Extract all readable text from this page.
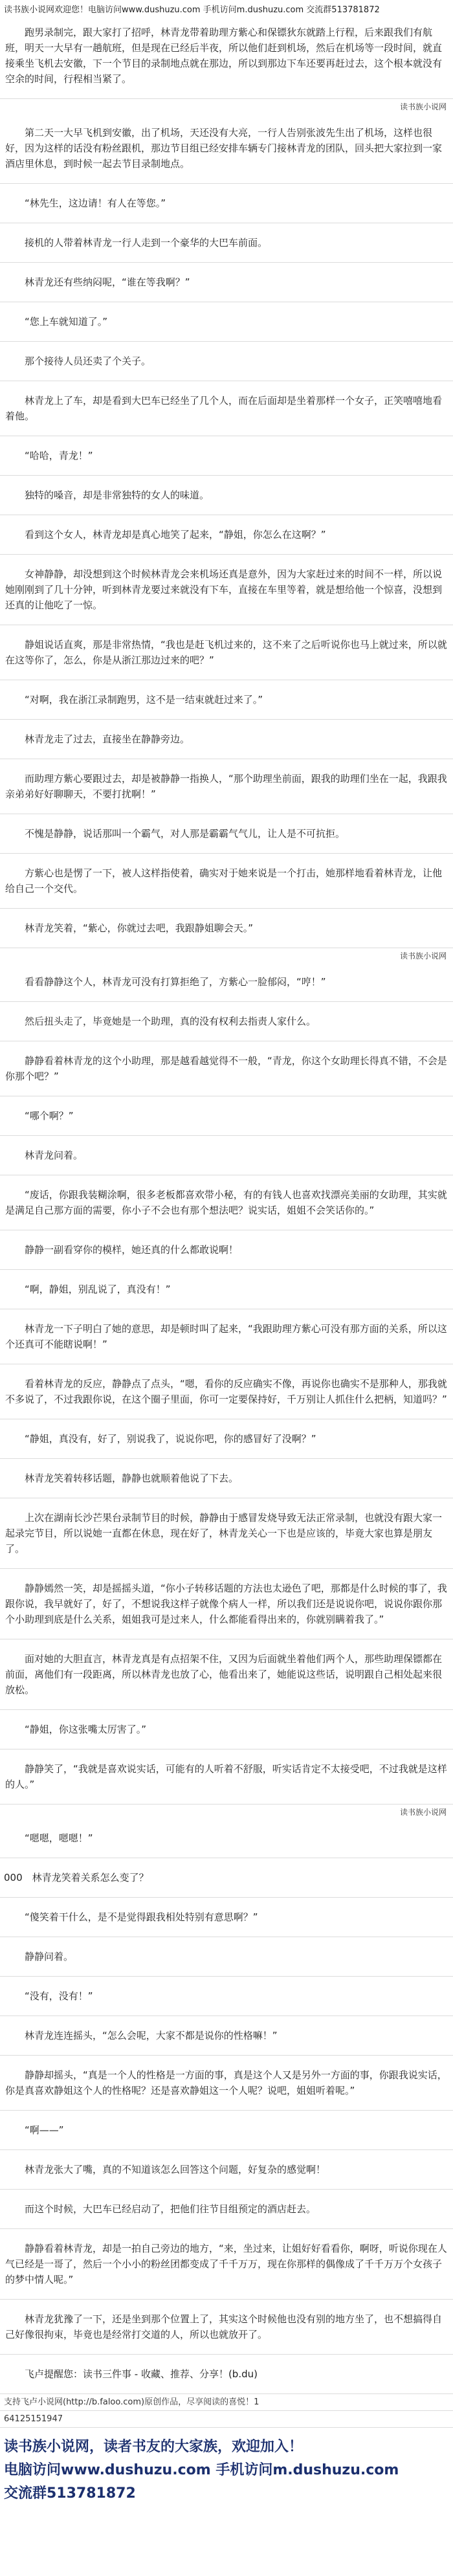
读书族小说网欢迎您！电脑访问www.dushuzu.com 手机访问m.dushuzu.com 交流群513781872

跑男录制完，跟大家打了招呼，林青龙带着助理方紫心和保镖狄东就踏上行程，后来跟我们有航班，明天一大早有一趟航班，但是现在已经后半夜，所以他们赶到机场，然后在机场等一段时间，就直接乘坐飞机去安徽，下一个节目的录制地点就在那边，所以到那边下车还要再赶过去，这个根本就没有空余的时间，行程相当紧了。

读书族小说网

第二天一大早飞机到安徽，出了机场，天还没有大亮，一行人告别张波先生出了机场，这样也很好，因为这样的话没有粉丝跟机，那边节目组已经安排车辆专门接林青龙的团队，回头把大家拉到一家酒店里休息，到时候一起去节目录制地点。

“林先生，这边请！有人在等您。”

接机的人带着林青龙一行人走到一个豪华的大巴车前面。

林青龙还有些纳闷呢，“谁在等我啊？”

“您上车就知道了。”

那个接待人员还卖了个关子。

林青龙上了车，却是看到大巴车已经坐了几个人，而在后面却是坐着那样一个女子，正笑嘻嘻地看着他。

“哈哈，青龙！”

独特的嗓音，却是非常独特的女人的味道。

看到这个女人，林青龙却是真心地笑了起来，“静姐，你怎么在这啊？”

女神静静，却没想到这个时候林青龙会来机场还真是意外，因为大家赶过来的时间不一样，所以说她刚刚到了几十分钟，听到林青龙要过来就没有下车，直接在车里等着，就是想给他一个惊喜，没想到还真的让他吃了一惊。

静姐说话直爽，那是非常热情，“我也是赶飞机过来的，这不来了之后听说你也马上就过来，所以就在这等你了，怎么，你是从浙江那边过来的吧？”

“对啊，我在浙江录制跑男，这不是一结束就赶过来了。”

林青龙走了过去，直接坐在静静旁边。

而助理方紫心要跟过去，却是被静静一指换人，“那个助理坐前面，跟我的助理们坐在一起，我跟我亲弟弟好好聊聊天，不要打扰啊！”

不愧是静静，说话那叫一个霸气，对人那是霸霸气气儿，让人是不可抗拒。

方紫心也是愣了一下，被人这样指使着，确实对于她来说是一个打击，她那样地看着林青龙，让他给自己一个交代。

林青龙笑着，“紫心，你就过去吧，我跟静姐聊会天。”

读书族小说网

看看静静这个人，林青龙可没有打算拒绝了，方紫心一脸郁闷，“哼！”

然后扭头走了，毕竟她是一个助理，真的没有权利去指责人家什么。

静静看着林青龙的这个小助理，那是越看越觉得不一般，“青龙，你这个女助理长得真不错，不会是你那个吧？”

“哪个啊？”

林青龙问着。

“废话，你跟我装糊涂啊，很多老板都喜欢带小秘，有的有钱人也喜欢找漂亮美丽的女助理，其实就是满足自己那方面的需要，你小子不会也有那个想法吧？说实话，姐姐不会笑话你的。”

静静一副看穿你的模样，她还真的什么都敢说啊！

“啊，静姐，别乱说了，真没有！”

林青龙一下子明白了她的意思，却是顿时叫了起来，“我跟助理方紫心可没有那方面的关系，所以这个还真可不能瞎说啊！”

看着林青龙的反应，静静点了点头，“嗯，看你的反应确实不像，再说你也确实不是那种人，那我就不多说了，不过我跟你说，在这个圈子里面，你可一定要保持好，千万别让人抓住什么把柄，知道吗？”

“静姐，真没有，好了，别说我了，说说你吧，你的感冒好了没啊？”

林青龙笑着转移话题，静静也就顺着他说了下去。

上次在湖南长沙芒果台录制节目的时候，静静由于感冒发烧导致无法正常录制，也就没有跟大家一起录完节目，所以说她一直都在休息，现在好了，林青龙关心一下也是应该的，毕竟大家也算是朋友了。

静静嫣然一笑，却是摇摇头道，“你小子转移话题的方法也太逊色了吧，那都是什么时候的事了，我跟你说，我早就好了，好了，不想说我这样子就像个病人一样，所以我们还是说说你吧，说说你跟你那个小助理到底是什么关系，姐姐我可是过来人，什么都能看得出来的，你就别瞒着我了。”

面对她的大胆直言，林青龙真是有点招架不住，又因为后面就坐着他们两个人，那些助理保镖都在前面，离他们有一段距离，所以林青龙也放了心，他看出来了，她能说这些话，说明跟自己相处起来很放松。

“静姐，你这张嘴太厉害了。”

静静笑了，“我就是喜欢说实话，可能有的人听着不舒服，听实话肯定不太接受吧，不过我就是这样的人。”

读书族小说网

“嗯嗯，嗯嗯！”

000　林青龙笑着关系怎么变了？

“傻笑着干什么，是不是觉得跟我相处特别有意思啊？”

静静问着。

“没有，没有！”

林青龙连连摇头，“怎么会呢，大家不都是说你的性格嘛！”

静静却摇头，“真是一个人的性格是一方面的事，真是这个人又是另外一方面的事，你跟我说实话，你是真喜欢静姐这个人的性格呢？还是喜欢静姐这一个人呢？说吧，姐姐听着呢。”

“啊——”

林青龙张大了嘴，真的不知道该怎么回答这个问题，好复杂的感觉啊！

而这个时候，大巴车已经启动了，把他们往节目组预定的酒店赶去。

静静看着林青龙，却是一拍自己旁边的地方，“来，坐过来，让姐好好看看你，啊呀，听说你现在人气已经是一哥了，然后一个小小的粉丝团都变成了千千万万，现在你那样的偶像成了千千万万个女孩子的梦中情人呢。”

林青龙犹豫了一下，还是坐到那个位置上了，其实这个时候他也没有别的地方坐了，也不想搞得自己好像很拘束，毕竟也是经常打交道的人，所以也就放开了。

飞卢提醒您：读书三件事 - 收藏、推荐、分享！(b.du)

支持飞卢小说网(http://b.faloo.com)原创作品，尽享阅读的喜悦！1
64125151947
读书族小说网，读者书友的大家族，欢迎加入！
电脑访问www.dushuzu.com 手机访问m.dushuzu.com
交流群513781872
